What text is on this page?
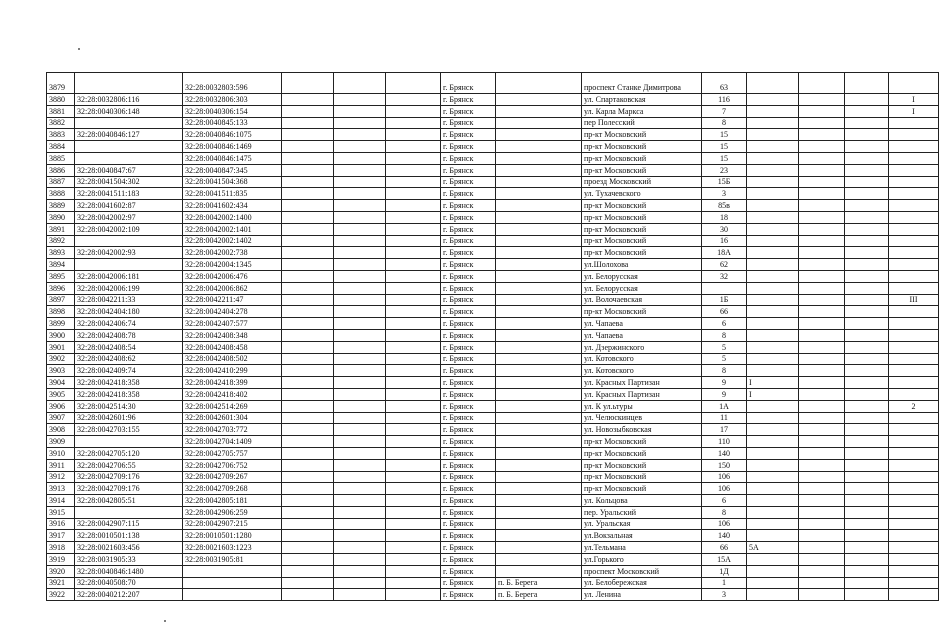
3879		32:28:0032803:596				г. Брянск		проспект Станке Димитрова	63				
3880	32:28:0032806:116	32:28:0032806:303				г. Брянск		ул. Спартаковская	116				I
3881	32:28:0040306:148	32:28:0040306:154				г. Брянск		ул. Карла Маркса	7				I
3882		32:28:0040845:133				г. Брянск		пер Полесский	8				
3883	32:28:0040846:127	32:28:0040846:1075				г. Брянск		пр-кт Московский	15				
3884		32:28:0040846:1469				г. Брянск		пр-кт Московский	15				
3885		32:28:0040846:1475				г. Брянск		пр-кт Московский	15				
3886	32:28:0040847:67	32:28:0040847:345				г. Брянск		пр-кт Московский	23				
3887	32:28:0041504:302	32:28:0041504:368				г. Брянск		проезд Московский	15Б				
3888	32:28:0041511:183	32:28:0041511:835				г. Брянск		ул. Тухачевского	3				
3889	32:28:0041602:87	32:28:0041602:434				г. Брянск		пр-кт Московский	85в				
3890	32:28:0042002:97	32:28:0042002:1400				г. Брянск		пр-кт Московский	18				
3891	32:28:0042002:109	32:28:0042002:1401				г. Брянск		пр-кт Московский	30				
3892		32:28:0042002:1402				г. Брянск		пр-кт Московский	16				
3893	32:28:0042002:93	32:28:0042002:738				г. Брянск		пр-кт Московский	18А				
3894		32:28:0042004:1345				г. Брянск		ул.Шолохова	62				
3895	32:28:0042006:181	32:28:0042006:476				г. Брянск		ул. Белорусская	32				
3896	32:28:0042006:199	32:28:0042006:862				г. Брянск		ул. Белорусская					
3897	32:28:0042211:33	32:28:0042211:47				г. Брянск		ул. Волочаевская	1Б				III
3898	32:28:0042404:180	32:28:0042404:278				г. Брянск		пр-кт Московский	66				
3899	32:28:0042406:74	32:28:0042407:577				г. Брянск		ул. Чапаева	6				
3900	32:28:0042408:78	32:28:0042408:348				г. Брянск		ул. Чапаева	8				
3901	32:28:0042408:54	32:28:0042408:458				г. Брянск		ул. Дзержинского	5				
3902	32:28:0042408:62	32:28:0042408:502				г. Брянск		ул. Котовского	5				
3903	32:28:0042409:74	32:28:0042410:299				г. Брянск		ул. Котовского	8				
3904	32:28:0042418:358	32:28:0042418:399				г. Брянск		ул. Красных Партизан	9	I			
3905	32:28:0042418:358	32:28:0042418:402				г. Брянск		ул. Красных Партизан	9	I			
3906	32:28:0042514:30	32:28:0042514:269				г. Брянск		ул. К ул.ьтуры	1А				2
3907	32:28:0042601:96	32:28:0042601:304				г. Брянск		ул. Челюскинцев	11				
3908	32:28:0042703:155	32:28:0042703:772				г. Брянск		ул. Новозыбковская	17				
3909		32:28:0042704:1409				г. Брянск		пр-кт Московский	110				
3910	32:28:0042705:120	32:28:0042705:757				г. Брянск		пр-кт Московский	140				
3911	32:28:0042706:55	32:28:0042706:752				г. Брянск		пр-кт Московский	150				
3912	32:28:0042709:176	32:28:0042709:267				г. Брянск		пр-кт Московский	106				
3913	32:28:0042709:176	32:28:0042709:268				г. Брянск		пр-кт Московский	106				
3914	32:28:0042805:51	32:28:0042805:181				г. Брянск		ул. Кольцова	6				
3915		32:28:0042906:259				г. Брянск		пер. Уральский	8				
3916	32:28:0042907:115	32:28:0042907:215				г. Брянск		ул. Уральская	106				
3917	32:28:0010501:138	32:28:0010501:1280				г. Брянск		ул.Вокзальная	140				
3918	32:28:0021603:456	32:28:0021603:1223				г. Брянск		ул.Тельмана	66	5А			
3919	32:28:0031905:33	32:28:0031905:81				г. Брянск		ул.Горького	15А				
3920	32:28:0040846:1480					г. Брянск		проспект Московский	1Д				
3921	32:28:0040508:70					г. Брянск	п. Б. Берега	ул. Белобережская	1				
3922	32:28:0040212:207					г. Брянск	п. Б. Берега	ул. Ленина	3				
